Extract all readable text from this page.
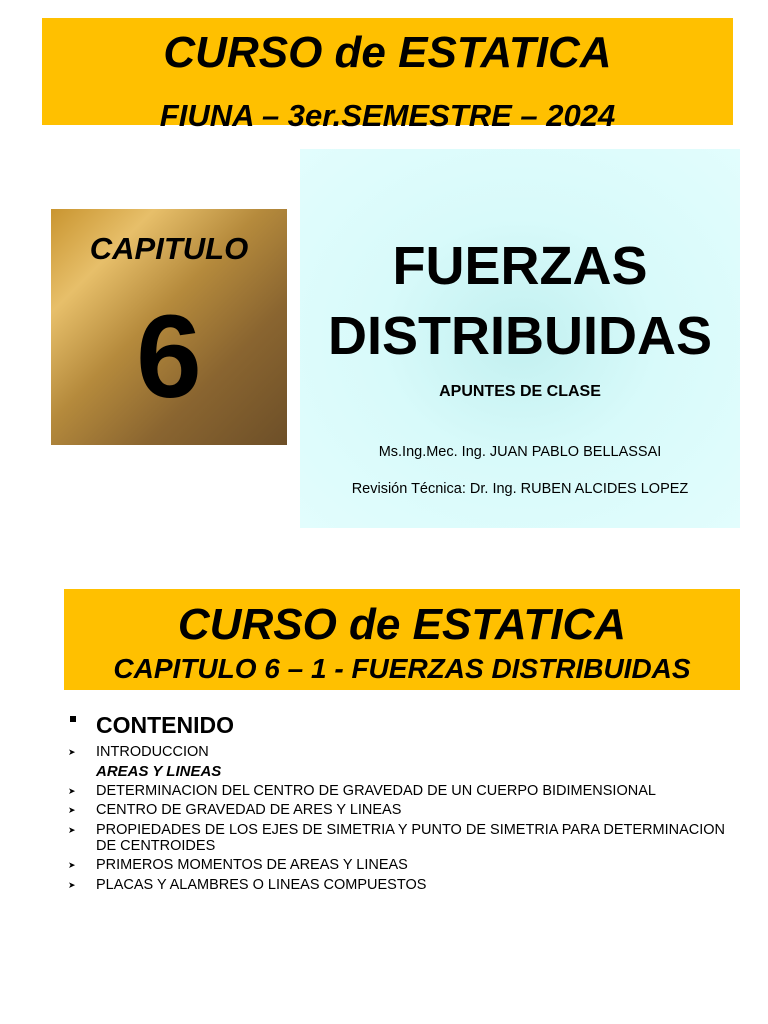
CURSO de ESTATICA
FIUNA – 3er.SEMESTRE – 2024
CAPITULO
6
FUERZAS
DISTRIBUIDAS
APUNTES DE CLASE
Ms.Ing.Mec. Ing. JUAN PABLO BELLASSAI
Revisión Técnica: Dr. Ing. RUBEN ALCIDES LOPEZ
CURSO de ESTATICA
CAPITULO 6 – 1 - FUERZAS DISTRIBUIDAS
CONTENIDO
➤ INTRODUCCION
AREAS Y LINEAS
➤ DETERMINACION DEL CENTRO DE GRAVEDAD DE UN CUERPO BIDIMENSIONAL
➤ CENTRO DE GRAVEDAD DE ARES Y LINEAS
➤ PROPIEDADES DE LOS EJES DE SIMETRIA Y PUNTO DE SIMETRIA PARA DETERMINACION DE CENTROIDES
➤ PRIMEROS MOMENTOS DE AREAS Y LINEAS
➤ PLACAS Y ALAMBRES O LINEAS COMPUESTOS
